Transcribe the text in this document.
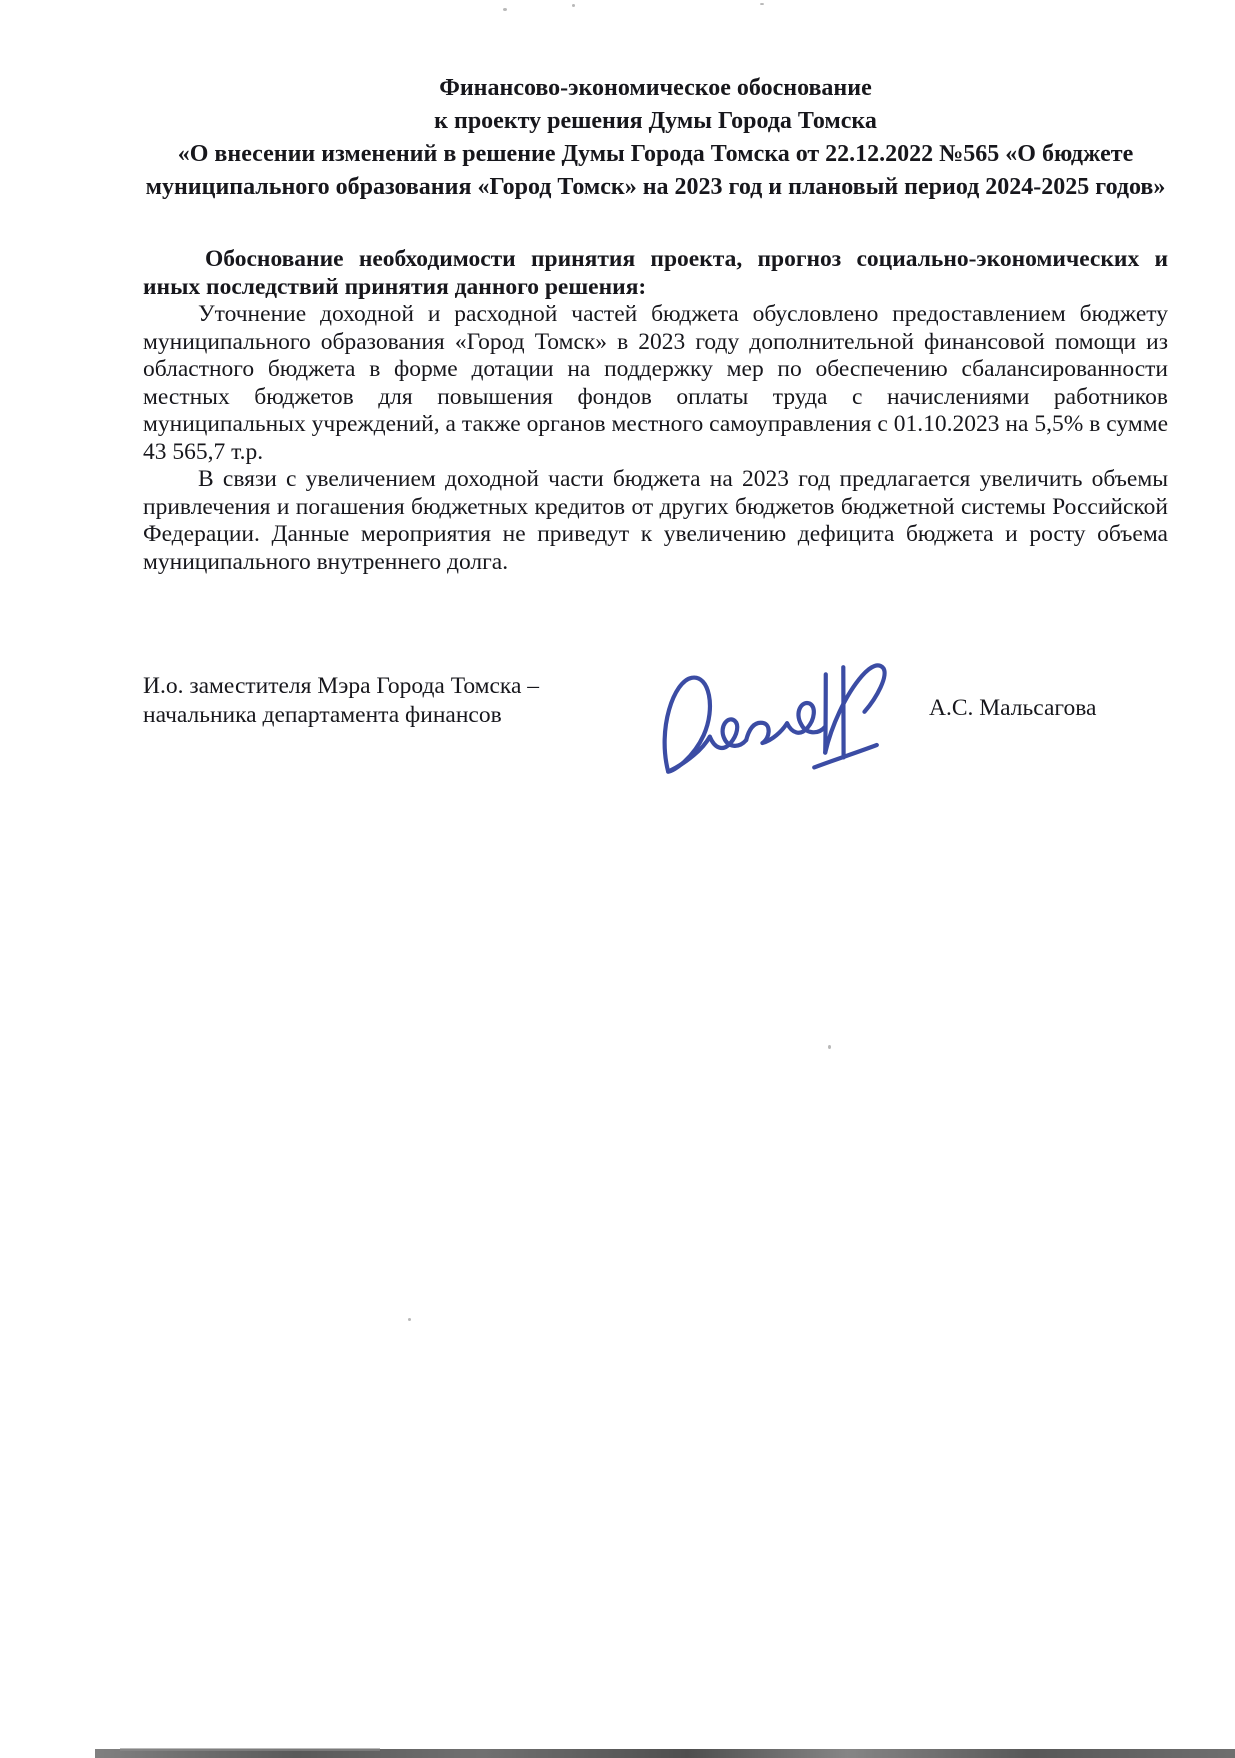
Финансово-экономическое обоснование

к проекту решения Думы Города Томска

«О внесении изменений в решение Думы Города Томска от 22.12.2022 №565 «О бюджете муниципального образования «Город Томск» на 2023 год и плановый период 2024-2025 годов»

Обоснование необходимости принятия проекта, прогноз социально-экономических и иных последствий принятия данного решения:

Уточнение доходной и расходной частей бюджета обусловлено предоставлением бюджету муниципального образования «Город Томск» в 2023 году дополнительной финансовой помощи из областного бюджета в форме дотации на поддержку мер по обеспечению сбалансированности местных бюджетов для повышения фондов оплаты труда с начислениями работников муниципальных учреждений, а также органов местного самоуправления с 01.10.2023 на 5,5% в сумме 43 565,7 т.р.

В связи с увеличением доходной части бюджета на 2023 год предлагается увеличить объемы привлечения и погашения бюджетных кредитов от других бюджетов бюджетной системы Российской Федерации. Данные мероприятия не приведут к увеличению дефицита бюджета и росту объема муниципального внутреннего долга.

И.о. заместителя Мэра Города Томска –
начальника департамента финансов	А.С. Мальсагова
